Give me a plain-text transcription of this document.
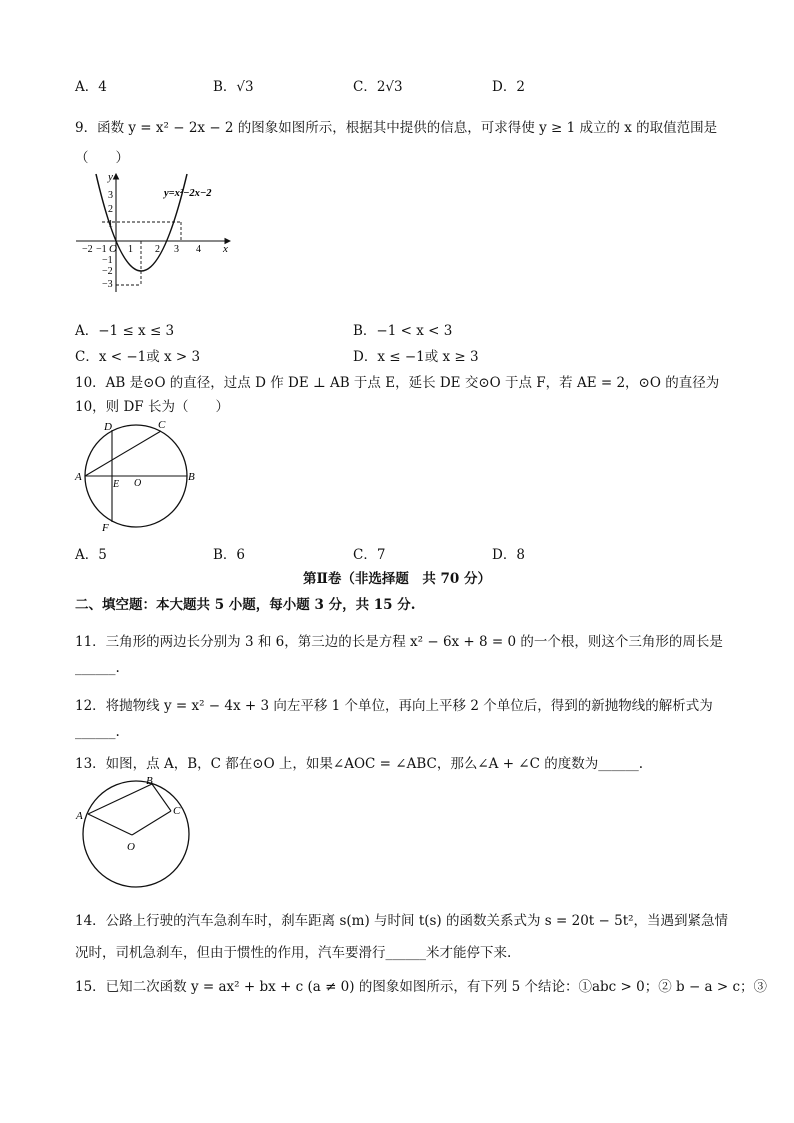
A．4	B．√3	C．2√3	D．2
9．函数 y = x² − 2x − 2 的图象如图所示，根据其中提供的信息，可求得使 y ≥ 1 成立的 x 的取值范围是
（　　）
x
y
O
−2 −1 1 2 3 4
3
2
1
−1
−2
−3
y=x²−2x−2
A．−1 ≤ x ≤ 3	B．−1 < x < 3
C．x < −1或 x > 3	D．x ≤ −1或 x ≥ 3
10．AB 是⊙O 的直径，过点 D 作 DE ⊥ AB 于点 E，延长 DE 交⊙O 于点 F，若 AE = 2，⊙O 的直径为
10，则 DF 长为（　　）
D	C
A
E O
B
F
A．5	B．6	C．7	D．8
第Ⅱ卷（非选择题　共 70 分）
二、填空题：本大题共 5 小题，每小题 3 分，共 15 分.
11．三角形的两边长分别为 3 和 6，第三边的长是方程 x² − 6x + 8 = 0 的一个根，则这个三角形的周长是
______.
12．将抛物线 y = x² − 4x + 3 向左平移 1 个单位，再向上平移 2 个单位后，得到的新抛物线的解析式为
______.
13．如图，点 A，B，C 都在⊙O 上，如果∠AOC = ∠ABC，那么∠A + ∠C 的度数为______.
B
A	C
O
14．公路上行驶的汽车急刹车时，刹车距离 s(m) 与时间 t(s) 的函数关系式为 s = 20t − 5t²，当遇到紧急情
况时，司机急刹车，但由于惯性的作用，汽车要滑行______米才能停下来.
15．已知二次函数 y = ax² + bx + c (a ≠ 0) 的图象如图所示，有下列 5 个结论：①abc > 0；② b − a > c；③
